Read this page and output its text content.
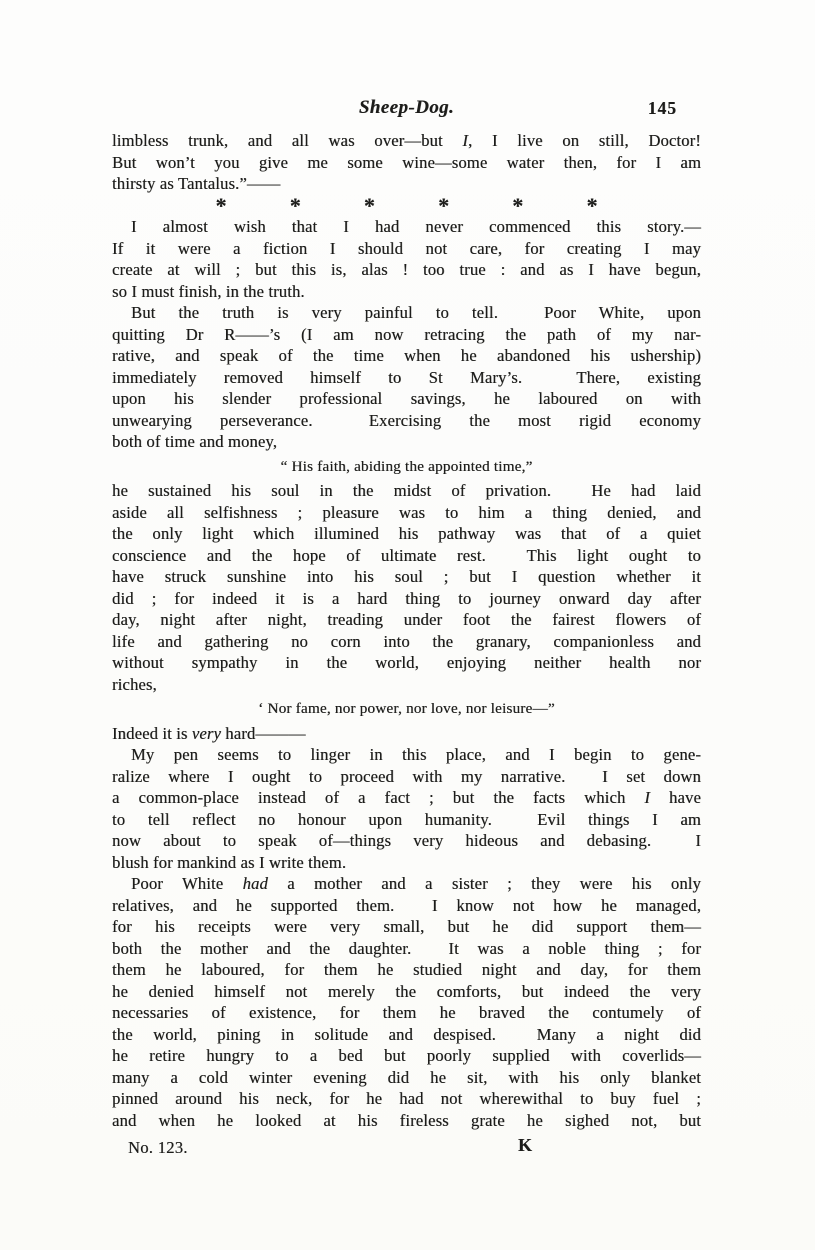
Sheep-Dog.	145
limbless trunk, and all was over—but I, I live on still, Doctor!
But won’t you give me some wine—some water then, for I am
thirsty as Tantalus.”——
*	*	*	*	*	*
I almost wish that I had never commenced this story.—
If it were a fiction I should not care, for creating I may
create at will ; but this is, alas ! too true : and as I have begun,
so I must finish, in the truth.
But the truth is very painful to tell.  Poor White, upon
quitting Dr R——’s (I am now retracing the path of my nar-
rative, and speak of the time when he abandoned his ushership)
immediately removed himself to St Mary’s.  There, existing
upon his slender professional savings, he laboured on with
unwearying perseverance.  Exercising the most rigid economy
both of time and money,
“ His faith, abiding the appointed time,”
he sustained his soul in the midst of privation.  He had laid
aside all selfishness ; pleasure was to him a thing denied, and
the only light which illumined his pathway was that of a quiet
conscience and the hope of ultimate rest.  This light ought to
have struck sunshine into his soul ; but I question whether it
did ; for indeed it is a hard thing to journey onward day after
day, night after night, treading under foot the fairest flowers of
life and gathering no corn into the granary, companionless and
without sympathy in the world, enjoying neither health nor
riches,
‘ Nor fame, nor power, nor love, nor leisure—”
Indeed it is very hard———
My pen seems to linger in this place, and I begin to gene-
ralize where I ought to proceed with my narrative.  I set down
a common-place instead of a fact ; but the facts which I have
to tell reflect no honour upon humanity.  Evil things I am
now about to speak of—things very hideous and debasing.  I
blush for mankind as I write them.
Poor White had a mother and a sister ; they were his only
relatives, and he supported them.  I know not how he managed,
for his receipts were very small, but he did support them—
both the mother and the daughter.  It was a noble thing ; for
them he laboured, for them he studied night and day, for them
he denied himself not merely the comforts, but indeed the very
necessaries of existence, for them he braved the contumely of
the world, pining in solitude and despised.  Many a night did
he retire hungry to a bed but poorly supplied with coverlids—
many a cold winter evening did he sit, with his only blanket
pinned around his neck, for he had not wherewithal to buy fuel ;
and when he looked at his fireless grate he sighed not, but
No. 123.	K
